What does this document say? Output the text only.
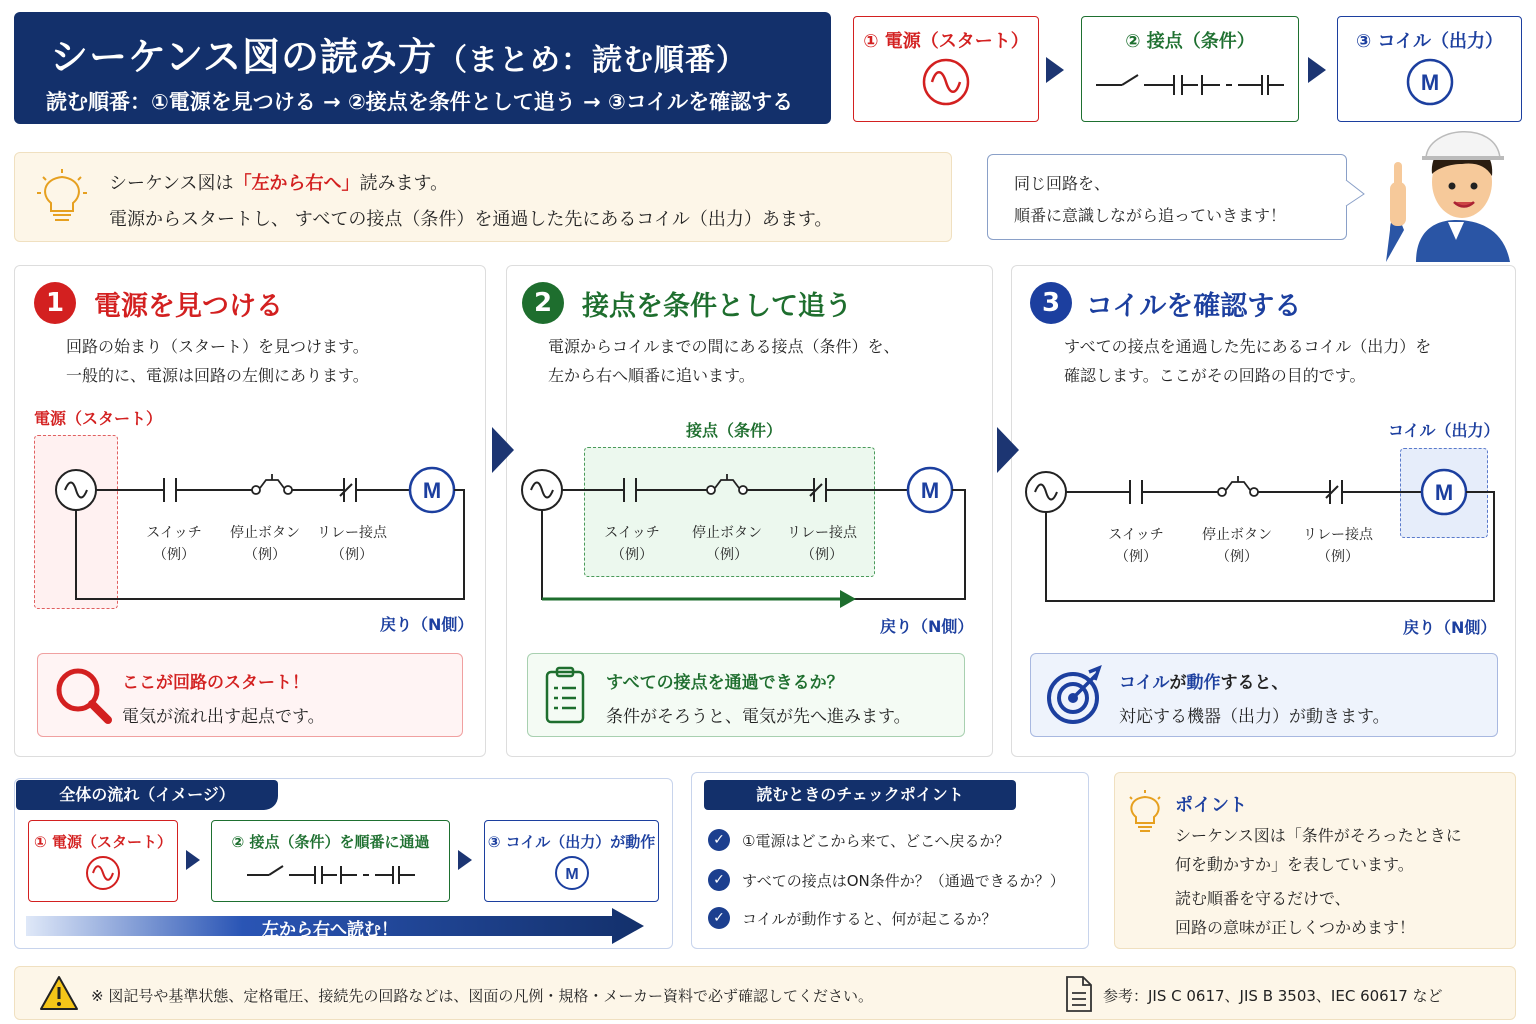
シーケンス図の読み方（まとめ：読む順番）
読む順番：①電源を見つける → ②接点を条件として追う → ③コイルを確認する
① 電源（スタート）	② 接点（条件）	③ コイル（出力）
M
シーケンス図は「左から右へ」読みます。
電源からスタートし、 すべての接点（条件）を通過した先にあるコイル（出力）あます。
同じ回路を、
順番に意識しながら追っていきます！
1	電源を見つける
回路の始まり（スタート）を見つけます。
一般的に、電源は回路の左側にあります。
電源（スタート）
2	接点を条件として追う
電源からコイルまでの間にある接点（条件）を、
左から右へ順番に追います。
接点（条件）
3 コイルを確認する
すべての接点を通過した先にあるコイル（出力）を
確認します。ここがその回路の目的です。
コイル（出力）
M	M	M
スイッチ
（例）
停止ボタン
（例）
リレー接点
（例）
戻り（N側）
スイッチ
（例）
停止ボタン
（例）
リレー接点
（例）
戻り（N側）
スイッチ
（例）
停止ボタン
（例）
リレー接点
（例）
戻り（N側）
ここが回路のスタート！
電気が流れ出す起点です。
すべての接点を通過できるか？
条件がそろうと、電気が先へ進みます。
コイルが動作すると、
対応する機器（出力）が動きます。
全体の流れ（イメージ）
① 電源（スタート）	② 接点（条件）を順番に通過	③ コイル（出力）が動作
M
左から右へ読む！
読むときのチェックポイント
✓	①電源はどこから来て、どこへ戻るか？
✓	すべての接点はON条件か？（通過できるか？）
✓	コイルが動作すると、何が起こるか？
ポイント
シーケンス図は「条件がそろったときに
何を動かすか」を表しています。
読む順番を守るだけで、
回路の意味が正しくつかめます！
※ 図記号や基準状態、定格電圧、接続先の回路などは、図面の凡例・規格・メーカー資料で必ず確認してください。	参考：JIS C 0617、JIS B 3503、IEC 60617 など
